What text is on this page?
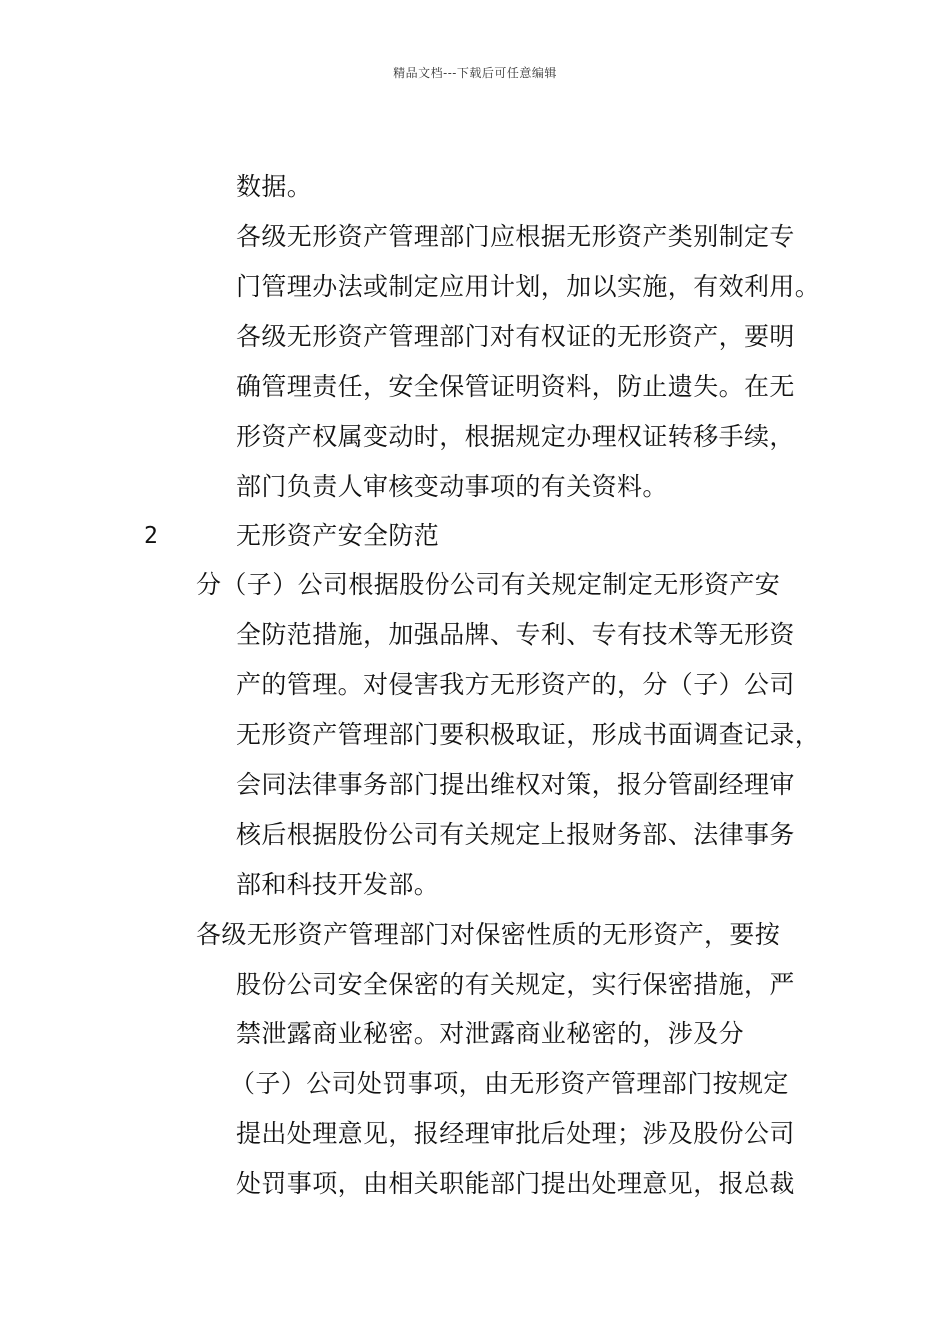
精品文档---下载后可任意编辑
数据。
各级无形资产管理部门应根据无形资产类别制定专
门管理办法或制定应用计划，加以实施，有效利用。
各级无形资产管理部门对有权证的无形资产，要明
确管理责任，安全保管证明资料，防止遗失。在无
形资产权属变动时，根据规定办理权证转移手续，
部门负责人审核变动事项的有关资料。
2	无形资产安全防范
分（子）公司根据股份公司有关规定制定无形资产安
全防范措施，加强品牌、专利、专有技术等无形资
产的管理。对侵害我方无形资产的，分（子）公司
无形资产管理部门要积极取证，形成书面调查记录，
会同法律事务部门提出维权对策，报分管副经理审
核后根据股份公司有关规定上报财务部、法律事务
部和科技开发部。
各级无形资产管理部门对保密性质的无形资产，要按
股份公司安全保密的有关规定，实行保密措施，严
禁泄露商业秘密。对泄露商业秘密的，涉及分
（子）公司处罚事项，由无形资产管理部门按规定
提出处理意见，报经理审批后处理；涉及股份公司
处罚事项，由相关职能部门提出处理意见，报总裁
